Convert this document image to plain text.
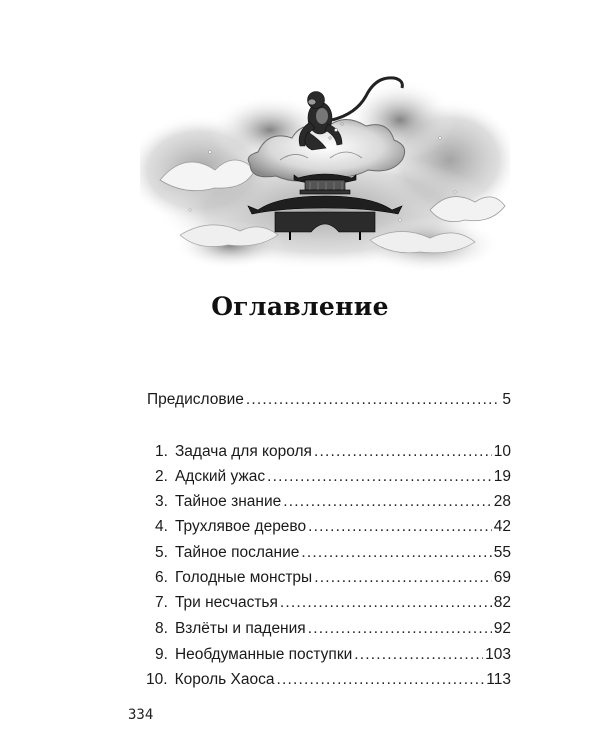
Оглавление
Предисловие .....	5
1. Задача для короля .....	10
2. Адский ужас .....	19
3. Тайное знание .....	28
4. Трухлявое дерево .....	42
5. Тайное послание .....	55
6. Голодные монстры .....	69
7. Три несчастья .....	82
8. Взлёты и падения .....	92
9. Необдуманные поступки .....	103
10. Король Хаоса .....	113
334
